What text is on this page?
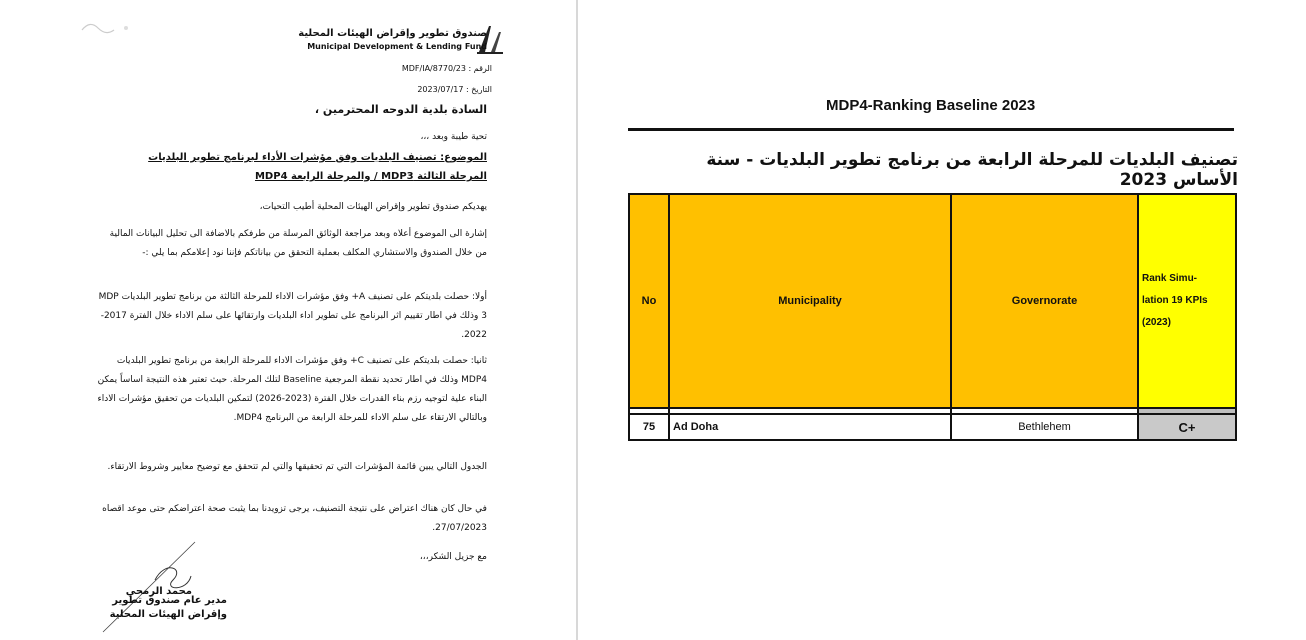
صندوق تطوير وإقراض الهيئات المحلية
Municipal Development & Lending Fund
الرقم : MDF/IA/8770/23
التاريخ : 2023/07/17
السادة بلدية الدوحه المحترمين ،
تحية طيبة وبعد ،،،
الموضوع: تصنيف البلديات وفق مؤشرات الأداء لبرنامج تطوير البلديات المرحلة الثالثة MDP3 / والمرحلة الرابعة MDP4
يهديكم صندوق تطوير وإقراض الهيئات المحلية أطيب التحيات،
إشارة الى الموضوع أعلاه وبعد مراجعة الوثائق المرسلة من طرفكم بالاضافة الى تحليل البيانات المالية من خلال الصندوق والاستشاري المكلف بعملية التحقق من بياناتكم فإننا نود إعلامكم بما يلي :-
أولا: حصلت بلديتكم على تصنيف A+ وفق مؤشرات الاداء للمرحلة الثالثة من برنامج تطوير البلديات MDP 3 وذلك في اطار تقييم اثر البرنامج على تطوير اداء البلديات وارتقائها على سلم الاداء خلال الفترة 2017-2022.
ثانيا: حصلت بلديتكم على تصنيف C+ وفق مؤشرات الاداء للمرحلة الرابعة من برنامج تطوير البلديات MDP4 وذلك في اطار تحديد نقطة المرجعية Baseline لتلك المرحلة. حيث تعتبر هذه النتيجة اساساً يمكن البناء علية لتوجيه رزم بناء القدرات خلال الفترة (2023-2026) لتمكين البلديات من تحقيق مؤشرات الاداء وبالتالي الارتقاء على سلم الاداء للمرحلة الرابعة من البرنامج MDP4.
الجدول التالي يبين قائمة المؤشرات التي تم تحقيقها والتي لم تتحقق مع توضيح معايير وشروط الارتقاء.
في حال كان هناك اعتراض على نتيجة التصنيف، يرجى تزويدنا بما يثبت صحة اعتراضكم حتى موعد اقصاه 27/07/2023.
مع جزيل الشكر،،،
محمد الرمحي
مدير عام صندوق تطوير وإقراض الهيئات المحلية
MDP4-Ranking Baseline 2023
تصنيف البلديات للمرحلة الرابعة من برنامج تطوير البلديات - سنة الأساس 2023
No	Municipality	Governorate	Rank Simu-
lation 19 KPIs
(2023)

75	Ad Doha	Bethlehem	C+
